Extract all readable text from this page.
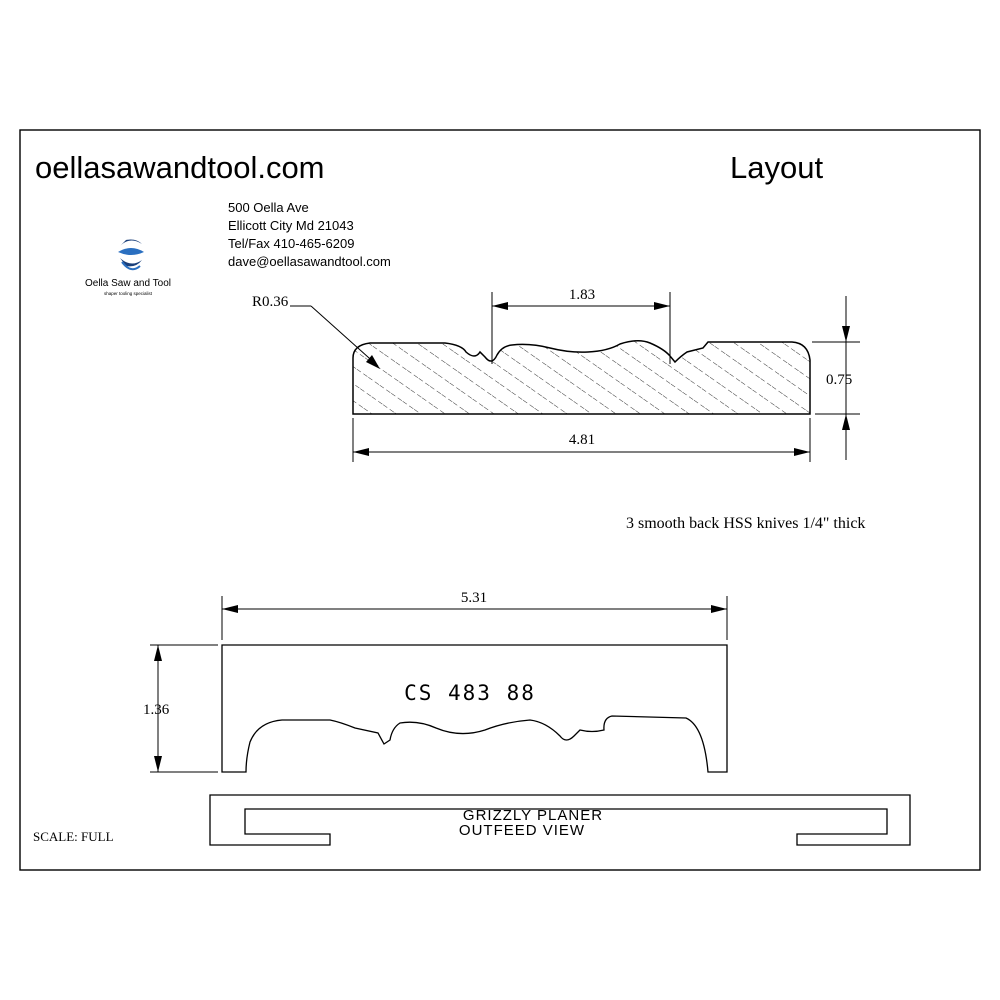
oellasawandtool.com	Layout
500 Oella Ave
Ellicott City Md 21043
Tel/Fax 410-465-6209
dave@oellasawandtool.com
Oella Saw and Tool
shaper tooling specialist
R0.36	1.83
0.75
4.81
3 smooth back HSS knives 1/4" thick
CS 483 88
5.31
1.36
GRIZZLY PLANER
OUTFEED VIEW
SCALE: FULL
